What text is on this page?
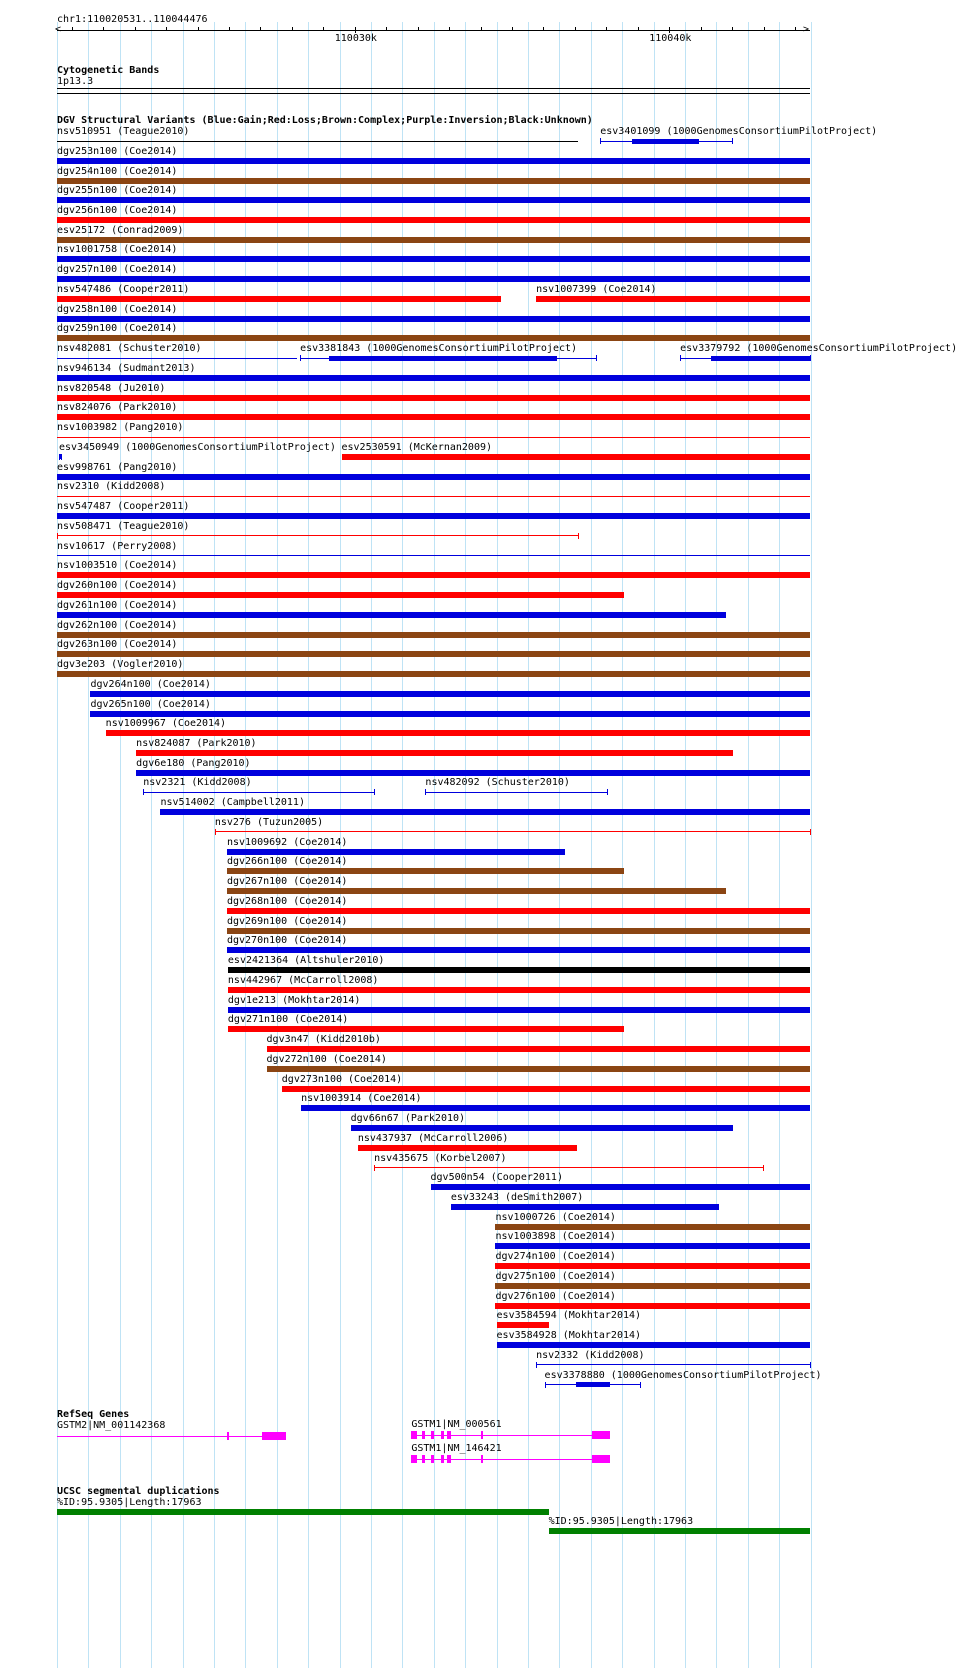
chr1:110020531..110044476
<	>
110030k	110040k
Cytogenetic Bands
1p13.3
DGV Structural Variants (Blue:Gain;Red:Loss;Brown:Complex;Purple:Inversion;Black:Unknown)
nsv510951 (Teague2010)	esv3401099 (1000GenomesConsortiumPilotProject)
dgv253n100 (Coe2014)
dgv254n100 (Coe2014)
dgv255n100 (Coe2014)
dgv256n100 (Coe2014)
esv25172 (Conrad2009)
nsv1001758 (Coe2014)
dgv257n100 (Coe2014)
nsv547486 (Cooper2011)	nsv1007399 (Coe2014)
dgv258n100 (Coe2014)
dgv259n100 (Coe2014)
nsv482081 (Schuster2010)	esv3381843 (1000GenomesConsortiumPilotProject)	esv3379792 (1000GenomesConsortiumPilotProject)
nsv946134 (Sudmant2013)
nsv820548 (Ju2010)
nsv824076 (Park2010)
nsv1003982 (Pang2010)
esv3450949 (1000GenomesConsortiumPilotProject) esv2530591 (McKernan2009)
esv998761 (Pang2010)
nsv2310 (Kidd2008)
nsv547487 (Cooper2011)
nsv508471 (Teague2010)
nsv10617 (Perry2008)
nsv1003510 (Coe2014)
dgv260n100 (Coe2014)
dgv261n100 (Coe2014)
dgv262n100 (Coe2014)
dgv263n100 (Coe2014)
dgv3e203 (Vogler2010)
dgv264n100 (Coe2014)
dgv265n100 (Coe2014)
nsv1009967 (Coe2014)
nsv824087 (Park2010)
dgv6e180 (Pang2010)
nsv2321 (Kidd2008)	nsv482092 (Schuster2010)
nsv514002 (Campbell2011)
nsv276 (Tuzun2005)
nsv1009692 (Coe2014)
dgv266n100 (Coe2014)
dgv267n100 (Coe2014)
dgv268n100 (Coe2014)
dgv269n100 (Coe2014)
dgv270n100 (Coe2014)
esv2421364 (Altshuler2010)
nsv442967 (McCarroll2008)
dgv1e213 (Mokhtar2014)
dgv271n100 (Coe2014)
dgv3n47 (Kidd2010b)
dgv272n100 (Coe2014)
dgv273n100 (Coe2014)
nsv1003914 (Coe2014)
dgv66n67 (Park2010)
nsv437937 (McCarroll2006)
nsv435675 (Korbel2007)
dgv500n54 (Cooper2011)
esv33243 (deSmith2007)
nsv1000726 (Coe2014)
nsv1003898 (Coe2014)
dgv274n100 (Coe2014)
dgv275n100 (Coe2014)
dgv276n100 (Coe2014)
esv3584594 (Mokhtar2014)
esv3584928 (Mokhtar2014)
nsv2332 (Kidd2008)
esv3378880 (1000GenomesConsortiumPilotProject)
RefSeq Genes
GSTM2|NM_001142368	GSTM1|NM_000561
GSTM1|NM_146421
UCSC segmental duplications
%ID:95.9305|Length:17963
%ID:95.9305|Length:17963
